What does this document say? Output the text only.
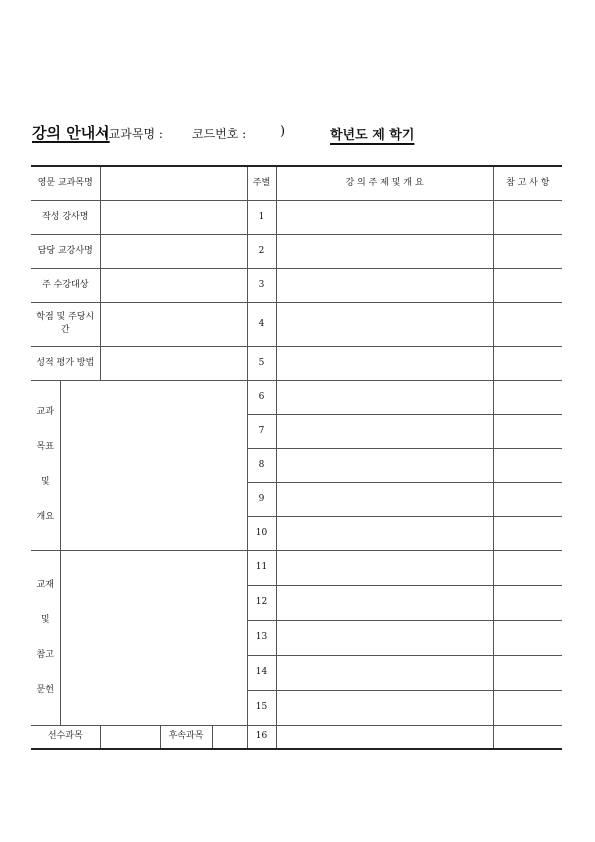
강의 안내서
(교과목명 : 코드번호 :	)	학년도 제 학기
영문 교과목명				주별	강 의 주 제 및 개 요	참 고 사 항
작성 강사명				1		
담당 교강사명				2		
주 수강대상				3		
학점 및 주당시간				4		
성적 평가 방법				5		

교과
목표
및
개요				6		
				7		
				8		
				9		
				10		

교재
및
참고
문헌				11		
				12		
				13		
				14		
				15		
선수과목			후속과목	16		
